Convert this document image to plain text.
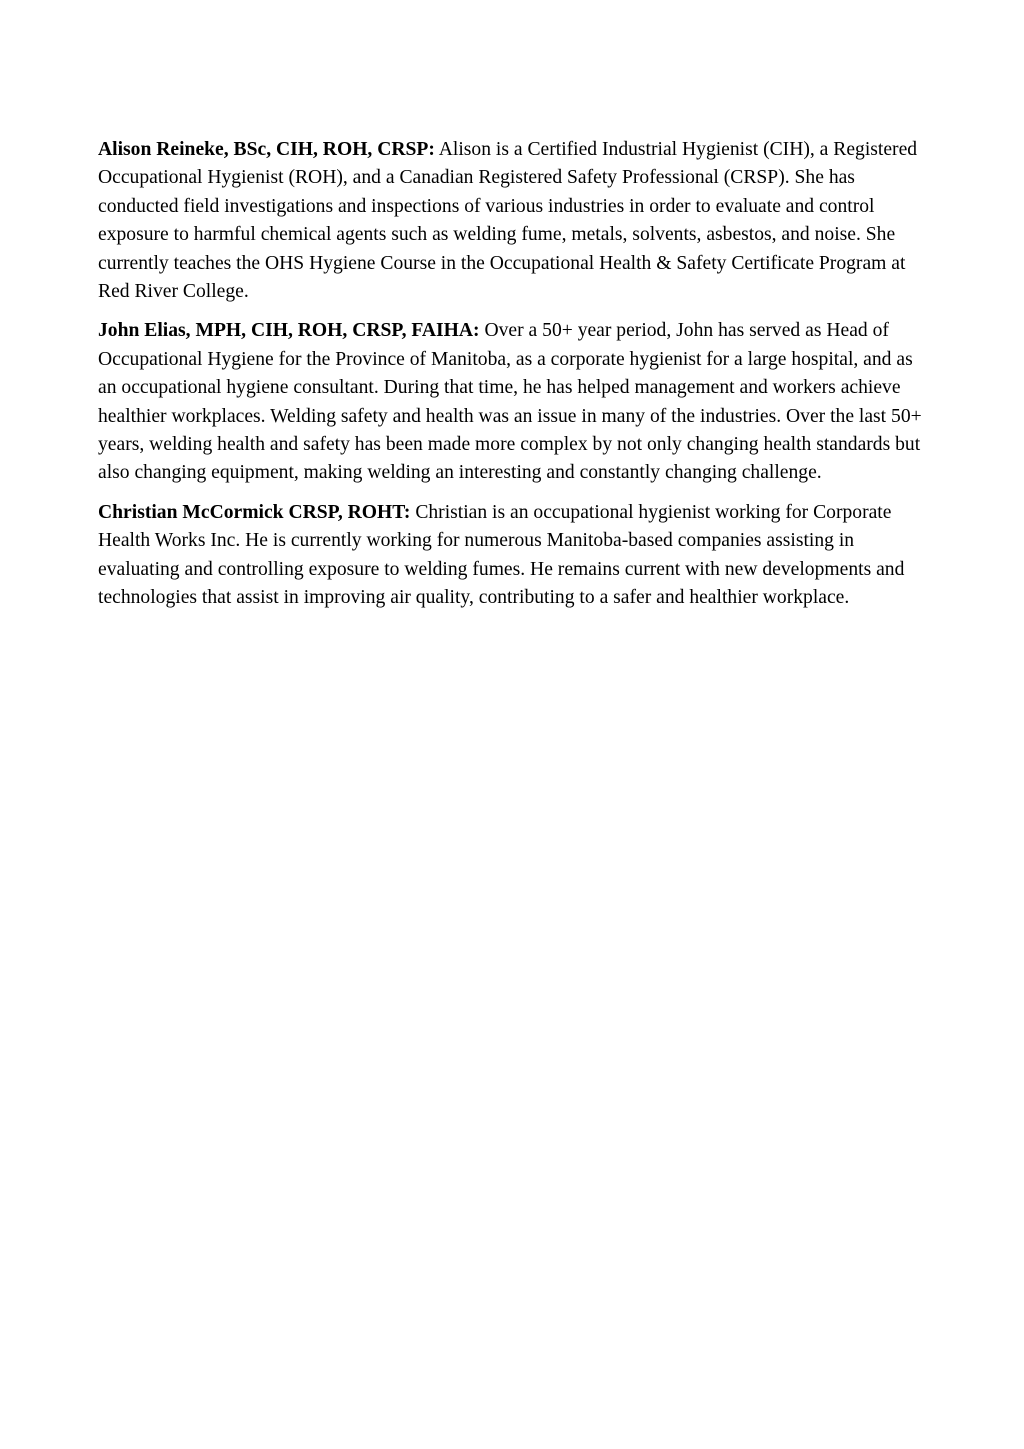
Alison Reineke, BSc, CIH, ROH, CRSP: Alison is a Certified Industrial Hygienist (CIH), a Registered Occupational Hygienist (ROH), and a Canadian Registered Safety Professional (CRSP). She has conducted field investigations and inspections of various industries in order to evaluate and control exposure to harmful chemical agents such as welding fume, metals, solvents, asbestos, and noise. She currently teaches the OHS Hygiene Course in the Occupational Health & Safety Certificate Program at Red River College.

John Elias, MPH, CIH, ROH, CRSP, FAIHA: Over a 50+ year period, John has served as Head of Occupational Hygiene for the Province of Manitoba, as a corporate hygienist for a large hospital, and as an occupational hygiene consultant. During that time, he has helped management and workers achieve healthier workplaces. Welding safety and health was an issue in many of the industries. Over the last 50+ years, welding health and safety has been made more complex by not only changing health standards but also changing equipment, making welding an interesting and constantly changing challenge.

Christian McCormick CRSP, ROHT: Christian is an occupational hygienist working for Corporate Health Works Inc. He is currently working for numerous Manitoba-based companies assisting in evaluating and controlling exposure to welding fumes. He remains current with new developments and technologies that assist in improving air quality, contributing to a safer and healthier workplace.
